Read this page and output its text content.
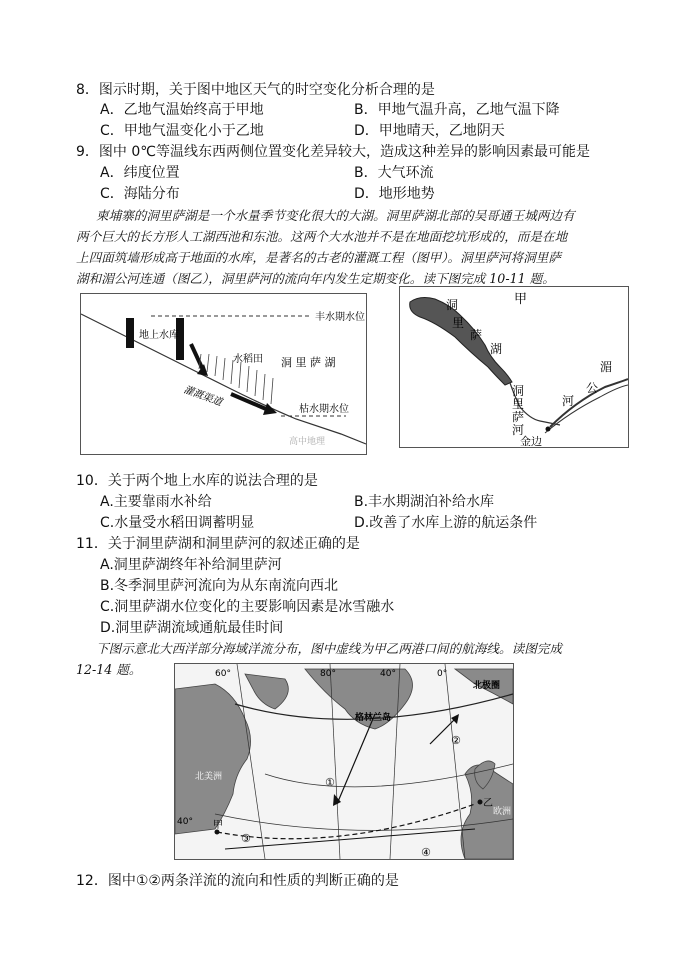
8．图示时期，关于图中地区天气的时空变化分析合理的是
A．乙地气温始终高于甲地	B．甲地气温升高，乙地气温下降
C．甲地气温变化小于乙地	D．甲地晴天，乙地阴天
9．图中 0℃等温线东西两侧位置变化差异较大，造成这种差异的影响因素最可能是
A．纬度位置	B．大气环流
C．海陆分布	D．地形地势
柬埔寨的洞里萨湖是一个水量季节变化很大的大湖。洞里萨湖北部的吴哥通王城两边有
两个巨大的长方形人工湖西池和东池。这两个大水池并不是在地面挖坑形成的，而是在地
上四面筑墙形成高于地面的水库，是著名的古老的灌溉工程（图甲）。洞里萨河将洞里萨
湖和湄公河连通（图乙），洞里萨河的流向年内发生定期变化。读下图完成 10-11 题。
丰水期水位
地上水库
水稻田 洞 里 萨 湖
灌溉渠道
枯水期水位
高中地理
甲
洞
里
萨
湖
洞
里
萨
河
湄
公
河
金边
10．关于两个地上水库的说法合理的是
A.主要靠雨水补给	B.丰水期湖泊补给水库
C.水量受水稻田调蓄明显	D.改善了水库上游的航运条件
11．关于洞里萨湖和洞里萨河的叙述正确的是
A.洞里萨湖终年补给洞里萨河
B.冬季洞里萨河流向为从东南流向西北
C.洞里萨湖水位变化的主要影响因素是冰雪融水
D.洞里萨湖流域通航最佳时间
下图示意北大西洋部分海域洋流分布，图中虚线为甲乙两港口间的航海线。读图完成
12-14 题。	60°	80°	40°	0°
40°
格林兰岛
北极圈
北美洲
欧洲
甲
乙
①
②
③
④
12．图中①②两条洋流的流向和性质的判断正确的是
